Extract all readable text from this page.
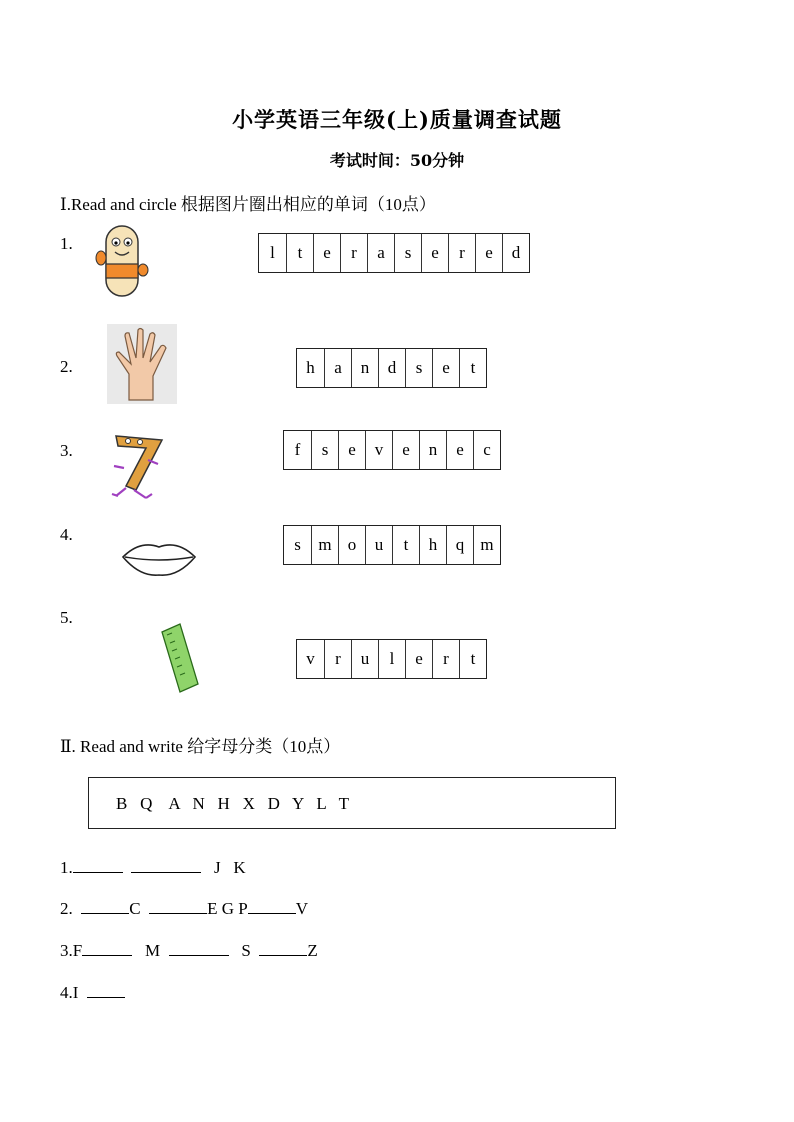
小学英语三年级(上)质量调查试题
考试时间：50分钟
Ⅰ.Read and circle 根据图片圈出相应的单词（10点）
1.	l	t	e	r	a	s	e	r	e	d
2.	h	a	n	d	s	e	t
3.	f	s	e	v	e	n	e	c
4.
s	m o	u	t	h	q m
5.
v	r	u	l	e	r	t
Ⅱ. Read and write 给字母分类（10点）
B   Q    A   N   H   X   D   Y   L   T
1.	J K
2.	C	E G P	V
3.F	M	S	Z
4.I
